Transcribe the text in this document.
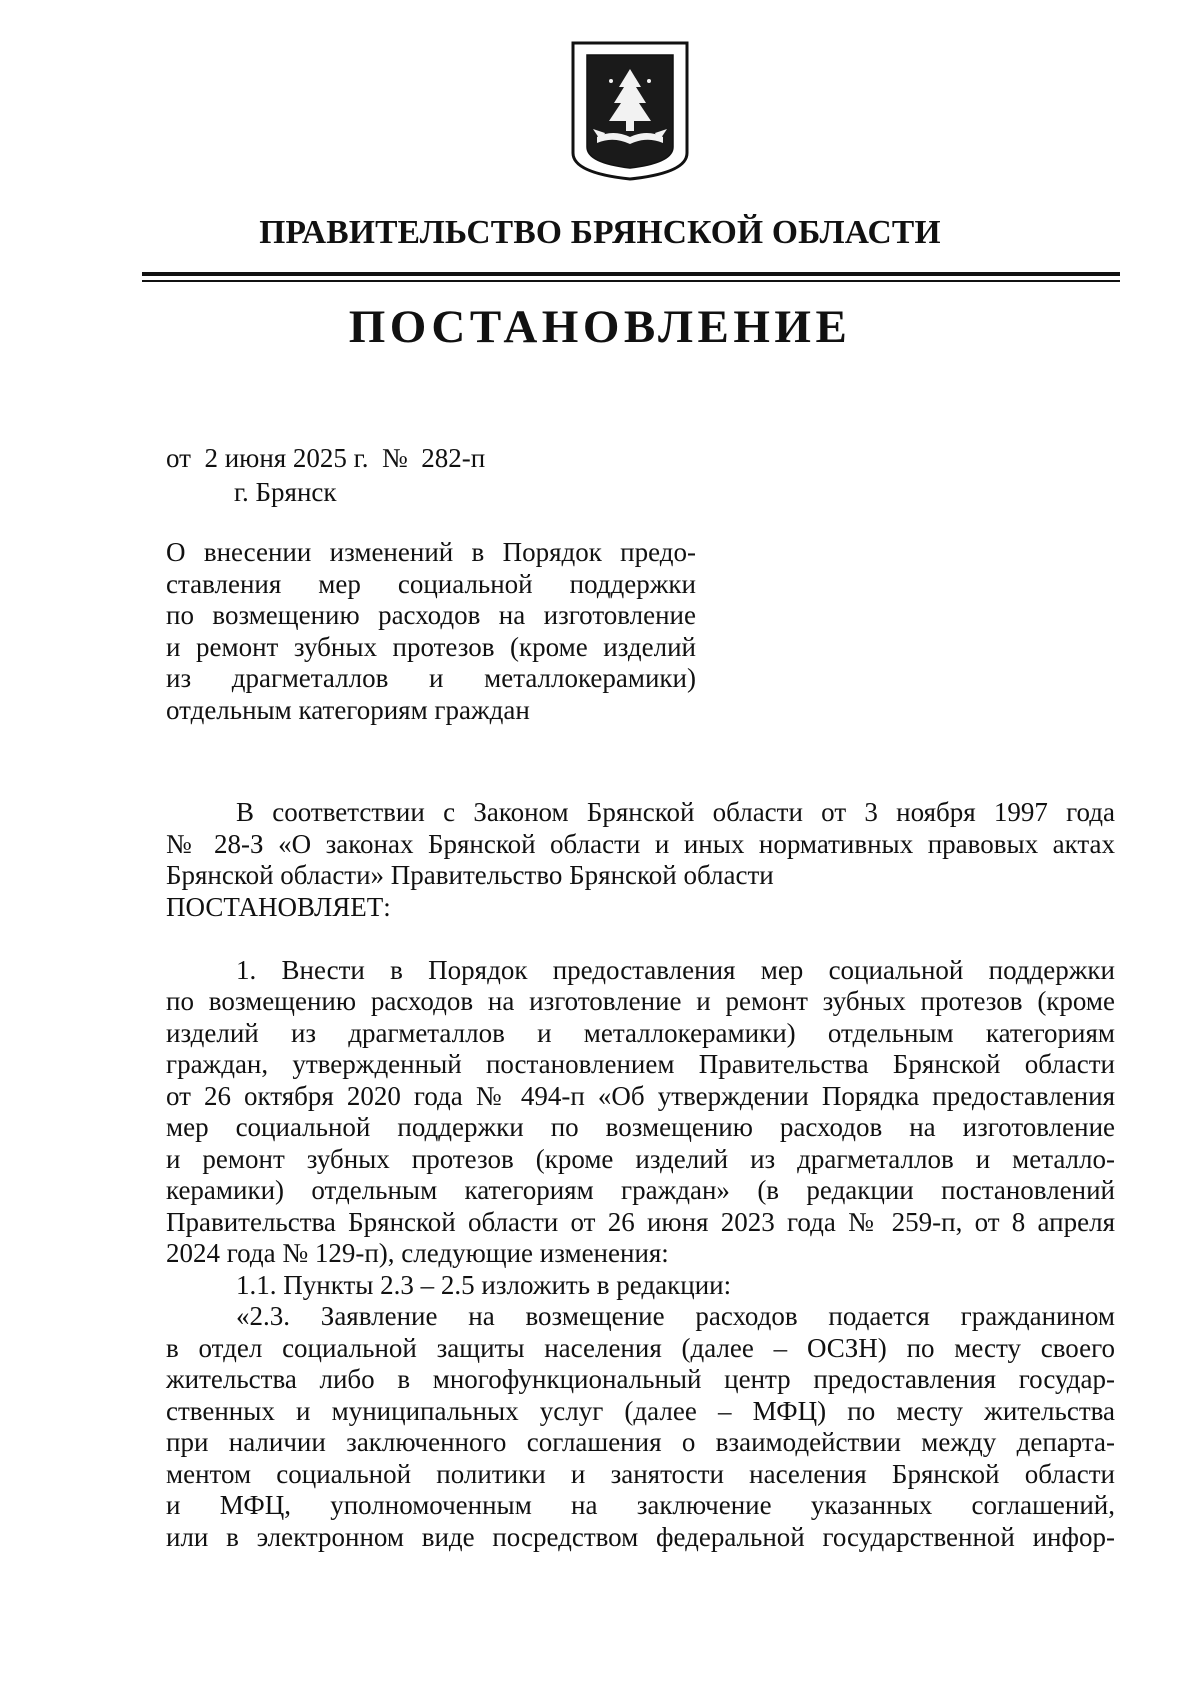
ПРАВИТЕЛЬСТВО БРЯНСКОЙ ОБЛАСТИ
ПОСТАНОВЛЕНИЕ
от  2 июня 2025 г.  №  282-п
г. Брянск
О внесении изменений в Порядок предо-
ставления мер социальной поддержки
по возмещению расходов на изготовление
и ремонт зубных протезов (кроме изделий
из драгметаллов и металлокерамики)
отдельным категориям граждан
В соответствии с Законом Брянской области от 3 ноября 1997 года
№ 28-З «О законах Брянской области и иных нормативных правовых актах
Брянской области» Правительство Брянской области
ПОСТАНОВЛЯЕТ:
1. Внести в Порядок предоставления мер социальной поддержки
по возмещению расходов на изготовление и ремонт зубных протезов (кроме
изделий из драгметаллов и металлокерамики) отдельным категориям
граждан, утвержденный постановлением Правительства Брянской области
от 26 октября 2020 года № 494-п «Об утверждении Порядка предоставления
мер социальной поддержки по возмещению расходов на изготовление
и ремонт зубных протезов (кроме изделий из драгметаллов и металло-
керамики) отдельным категориям граждан» (в редакции постановлений
Правительства Брянской области от 26 июня 2023 года № 259-п, от 8 апреля
2024 года № 129-п), следующие изменения:
1.1. Пункты 2.3 – 2.5 изложить в редакции:
«2.3. Заявление на возмещение расходов подается гражданином
в отдел социальной защиты населения (далее – ОСЗН) по месту своего
жительства либо в многофункциональный центр предоставления государ-
ственных и муниципальных услуг (далее – МФЦ) по месту жительства
при наличии заключенного соглашения о взаимодействии между департа-
ментом социальной политики и занятости населения Брянской области
и МФЦ, уполномоченным на заключение указанных соглашений,
или в электронном виде посредством федеральной государственной инфор-
